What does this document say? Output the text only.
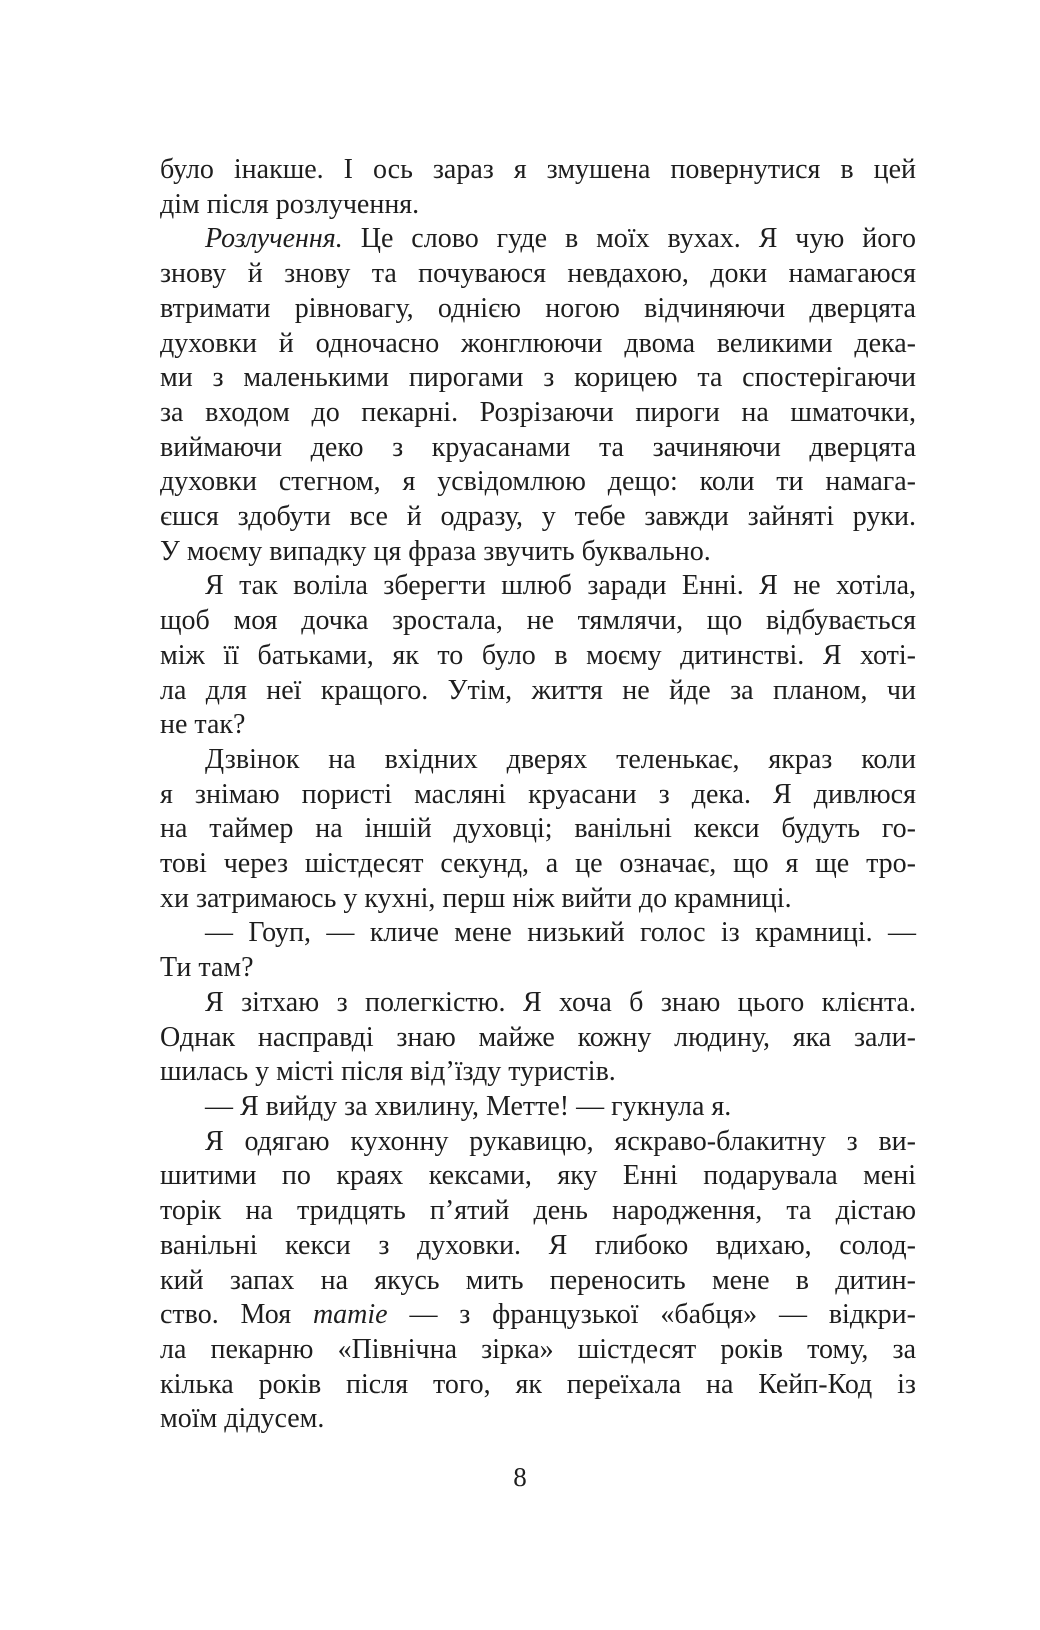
було інакше. І ось зараз я змушена повернутися в цей
дім після розлучення.
Розлучення. Це слово гуде в моїх вухах. Я чую його
знову й знову та почуваюся невдахою, доки намагаюся
втримати рівновагу, однією ногою відчиняючи дверцята
духовки й одночасно жонглюючи двома великими дека-
ми з маленькими пирогами з корицею та спостерігаючи
за входом до пекарні. Розрізаючи пироги на шматочки,
виймаючи деко з круасанами та зачиняючи дверцята
духовки стегном, я усвідомлюю дещо: коли ти намага-
єшся здобути все й одразу, у тебе завжди зайняті руки.
У моєму випадку ця фраза звучить буквально.
Я так воліла зберегти шлюб заради Енні. Я не хотіла,
щоб моя дочка зростала, не тямлячи, що відбувається
між її батьками, як то було в моєму дитинстві. Я хоті-
ла для неї кращого. Утім, життя не йде за планом, чи
не так?
Дзвінок на вхідних дверях теленькає, якраз коли
я знімаю пористі масляні круасани з дека. Я дивлюся
на таймер на іншій духовці; ванільні кекси будуть го-
тові через шістдесят секунд, а це означає, що я ще тро-
хи затримаюсь у кухні, перш ніж вийти до крамниці.
— Гоуп, — кличе мене низький голос із крамниці. —
Ти там?
Я зітхаю з полегкістю. Я хоча б знаю цього клієнта.
Однак насправді знаю майже кожну людину, яка зали-
шилась у місті після від’їзду туристів.
— Я вийду за хвилину, Метте! — гукнула я.
Я одягаю кухонну рукавицю, яскраво-блакитну з ви-
шитими по краях кексами, яку Енні подарувала мені
торік на тридцять п’ятий день народження, та дістаю
ванільні кекси з духовки. Я глибоко вдихаю, солод-
кий запах на якусь мить переносить мене в дитин-
ство. Моя mamie — з французької «бабця» — відкри-
ла пекарню «Північна зірка» шістдесят років тому, за
кілька років після того, як переїхала на Кейп-Код із
моїм дідусем.
8
